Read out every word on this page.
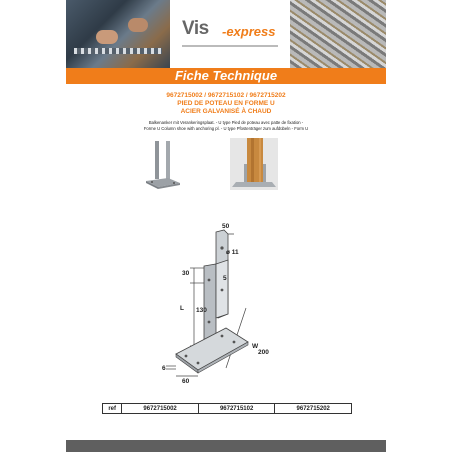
Vis -express
Fiche Technique
9672715002 / 9672715102 / 9672715202
PIED DE POTEAU EN FORME U
ACIER GALVANISÉ À CHAUD
Balkenanker mit Verankeringsplaat. - U type Pied de poteau avec patte de fixation -
Forme U Column shoe with anchoring pl. - U type Pfostenträger zum aufdübeln - Form U
50
ø 11
30
5
L 130
W
200
6
60
ref	9672715002	9672715102	9672715202
